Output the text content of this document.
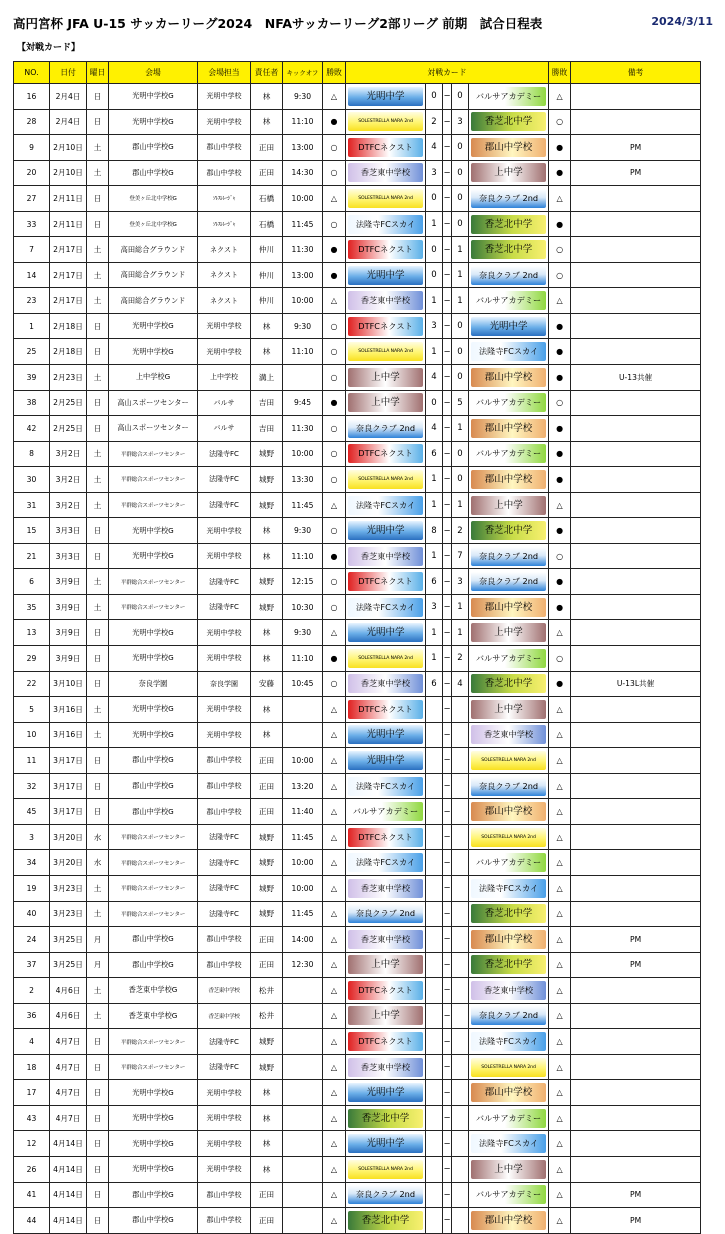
高円宮杯 JFA U-15 サッカーリーグ2024　NFAサッカーリーグ2部リーグ 前期　試合日程表	2024/3/11
【対戦カード】
NO.	日付	曜日	会場	会場担当	責任者	キックオフ	勝敗	対戦カード					勝敗	備考
16	2月4日	日	光明中学校G	光明中学校	林	9:30	△	光明中学	0	−	0	バルサアカデミー	△	
28	2月4日	日	光明中学校G	光明中学校	林	11:10	●	SOLESTRELLA NARA 2nd	2	−	3	香芝北中学	○	
9	2月10日	土	郡山中学校G	郡山中学校	正田	13:00	○	DTFCネクスト	4	−	0	郡山中学校	●	PM
20	2月10日	土	郡山中学校G	郡山中学校	正田	14:30	○	香芝東中学校	3	−	0	上中学	●	PM
27	2月11日	日	登美ヶ丘北中学校G	ｿﾚｽﾚﾚｰｼﾞｬ	石橋	10:00	△	SOLESTRELLA NARA 2nd	0	−	0	奈良クラブ 2nd	△	
33	2月11日	日	登美ヶ丘北中学校G	ｿﾚｽﾚﾚｰｼﾞｬ	石橋	11:45	○	法隆寺FCスカイ	1	−	0	香芝北中学	●	
7	2月17日	土	高田総合グラウンド	ネクスト	仲川	11:30	●	DTFCネクスト	0	−	1	香芝北中学	○	
14	2月17日	土	高田総合グラウンド	ネクスト	仲川	13:00	●	光明中学	0	−	1	奈良クラブ 2nd	○	
23	2月17日	土	高田総合グラウンド	ネクスト	仲川	10:00	△	香芝東中学校	1	−	1	バルサアカデミー	△	
1	2月18日	日	光明中学校G	光明中学校	林	9:30	○	DTFCネクスト	3	−	0	光明中学	●	
25	2月18日	日	光明中学校G	光明中学校	林	11:10	○	SOLESTRELLA NARA 2nd	1	−	0	法隆寺FCスカイ	●	
39	2月23日	土	上中学校G	上中学校	溝上		○	上中学	4	−	0	郡山中学校	●	U-13共催
38	2月25日	日	高山スポーツセンター	バルサ	吉田	9:45	●	上中学	0	−	5	バルサアカデミー	○	
42	2月25日	日	高山スポーツセンター	バルサ	吉田	11:30	○	奈良クラブ 2nd	4	−	1	郡山中学校	●	
8	3月2日	土	平群総合スポーツセンター	法隆寺FC	城野	10:00	○	DTFCネクスト	6	−	0	バルサアカデミー	●	
30	3月2日	土	平群総合スポーツセンター	法隆寺FC	城野	13:30	○	SOLESTRELLA NARA 2nd	1	−	0	郡山中学校	●	
31	3月2日	土	平群総合スポーツセンター	法隆寺FC	城野	11:45	△	法隆寺FCスカイ	1	−	1	上中学	△	
15	3月3日	日	光明中学校G	光明中学校	林	9:30	○	光明中学	8	−	2	香芝北中学	●	
21	3月3日	日	光明中学校G	光明中学校	林	11:10	●	香芝東中学校	1	−	7	奈良クラブ 2nd	○	
6	3月9日	土	平群総合スポーツセンター	法隆寺FC	城野	12:15	○	DTFCネクスト	6	−	3	奈良クラブ 2nd	●	
35	3月9日	土	平群総合スポーツセンター	法隆寺FC	城野	10:30	○	法隆寺FCスカイ	3	−	1	郡山中学校	●	
13	3月9日	日	光明中学校G	光明中学校	林	9:30	△	光明中学	1	−	1	上中学	△	
29	3月9日	日	光明中学校G	光明中学校	林	11:10	●	SOLESTRELLA NARA 2nd	1	−	2	バルサアカデミー	○	
22	3月10日	日	奈良学園	奈良学園	安藤	10:45	○	香芝東中学校	6	−	4	香芝北中学	●	U-13L共催
5	3月16日	土	光明中学校G	光明中学校	林		△	DTFCネクスト		−		上中学	△	
10	3月16日	土	光明中学校G	光明中学校	林		△	光明中学		−		香芝東中学校	△	
11	3月17日	日	郡山中学校G	郡山中学校	正田	10:00	△	光明中学		−		SOLESTRELLA NARA 2nd	△	
32	3月17日	日	郡山中学校G	郡山中学校	正田	13:20	△	法隆寺FCスカイ		−		奈良クラブ 2nd	△	
45	3月17日	日	郡山中学校G	郡山中学校	正田	11:40	△	バルサアカデミー		−		郡山中学校	△	
3	3月20日	水	平群総合スポーツセンター	法隆寺FC	城野	11:45	△	DTFCネクスト		−		SOLESTRELLA NARA 2nd	△	
34	3月20日	水	平群総合スポーツセンター	法隆寺FC	城野	10:00	△	法隆寺FCスカイ		−		バルサアカデミー	△	
19	3月23日	土	平群総合スポーツセンター	法隆寺FC	城野	10:00	△	香芝東中学校		−		法隆寺FCスカイ	△	
40	3月23日	土	平群総合スポーツセンター	法隆寺FC	城野	11:45	△	奈良クラブ 2nd		−		香芝北中学	△	
24	3月25日	月	郡山中学校G	郡山中学校	正田	14:00	△	香芝東中学校		−		郡山中学校	△	PM
37	3月25日	月	郡山中学校G	郡山中学校	正田	12:30	△	上中学		−		香芝北中学	△	PM
2	4月6日	土	香芝東中学校G	香芝東中学校	松井		△	DTFCネクスト		−		香芝東中学校	△	
36	4月6日	土	香芝東中学校G	香芝東中学校	松井		△	上中学		−		奈良クラブ 2nd	△	
4	4月7日	日	平群総合スポーツセンター	法隆寺FC	城野		△	DTFCネクスト		−		法隆寺FCスカイ	△	
18	4月7日	日	平群総合スポーツセンター	法隆寺FC	城野		△	香芝東中学校		−		SOLESTRELLA NARA 2nd	△	
17	4月7日	日	光明中学校G	光明中学校	林		△	光明中学		−		郡山中学校	△	
43	4月7日	日	光明中学校G	光明中学校	林		△	香芝北中学		−		バルサアカデミー	△	
12	4月14日	日	光明中学校G	光明中学校	林		△	光明中学		−		法隆寺FCスカイ	△	
26	4月14日	日	光明中学校G	光明中学校	林		△	SOLESTRELLA NARA 2nd		−		上中学	△	
41	4月14日	日	郡山中学校G	郡山中学校	正田		△	奈良クラブ 2nd		−		バルサアカデミー	△	PM
44	4月14日	日	郡山中学校G	郡山中学校	正田		△	香芝北中学		−		郡山中学校	△	PM
